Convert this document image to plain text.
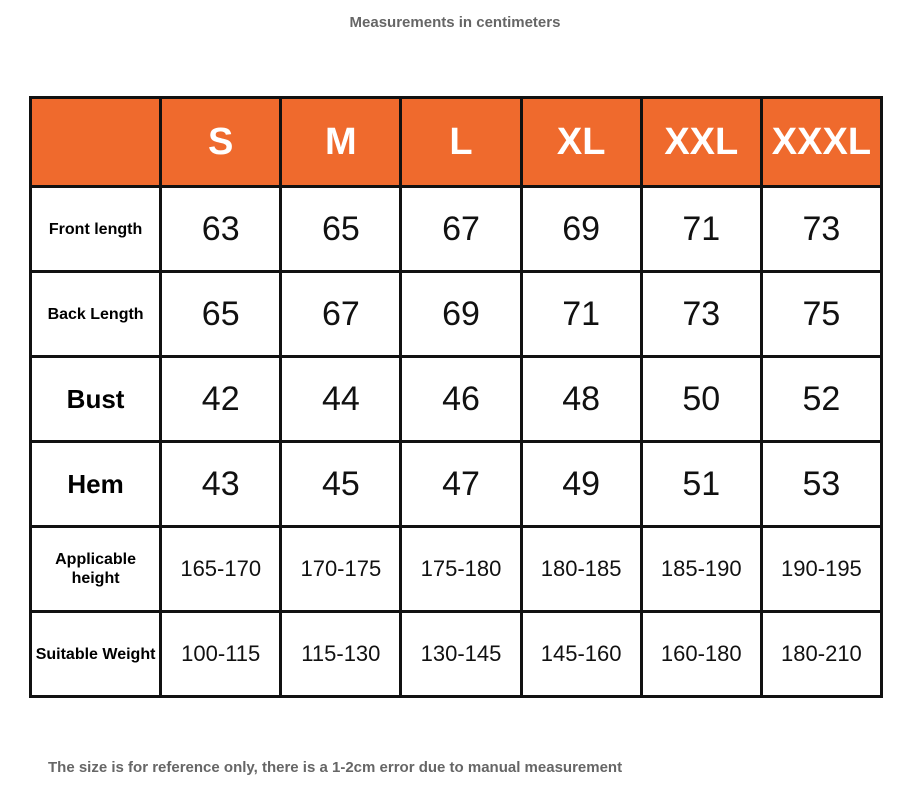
Measurements in centimeters
	S	M	L	XL	XXL	XXXL
Front length	63	65	67	69	71	73
Back Length	65	67	69	71	73	75
Bust	42	44	46	48	50	52
Hem	43	45	47	49	51	53
Applicable height	165-170	170-175	175-180	180-185	185-190	190-195
Suitable Weight	100-115	115-130	130-145	145-160	160-180	180-210
The size is for reference only, there is a 1-2cm error due to manual measurement
